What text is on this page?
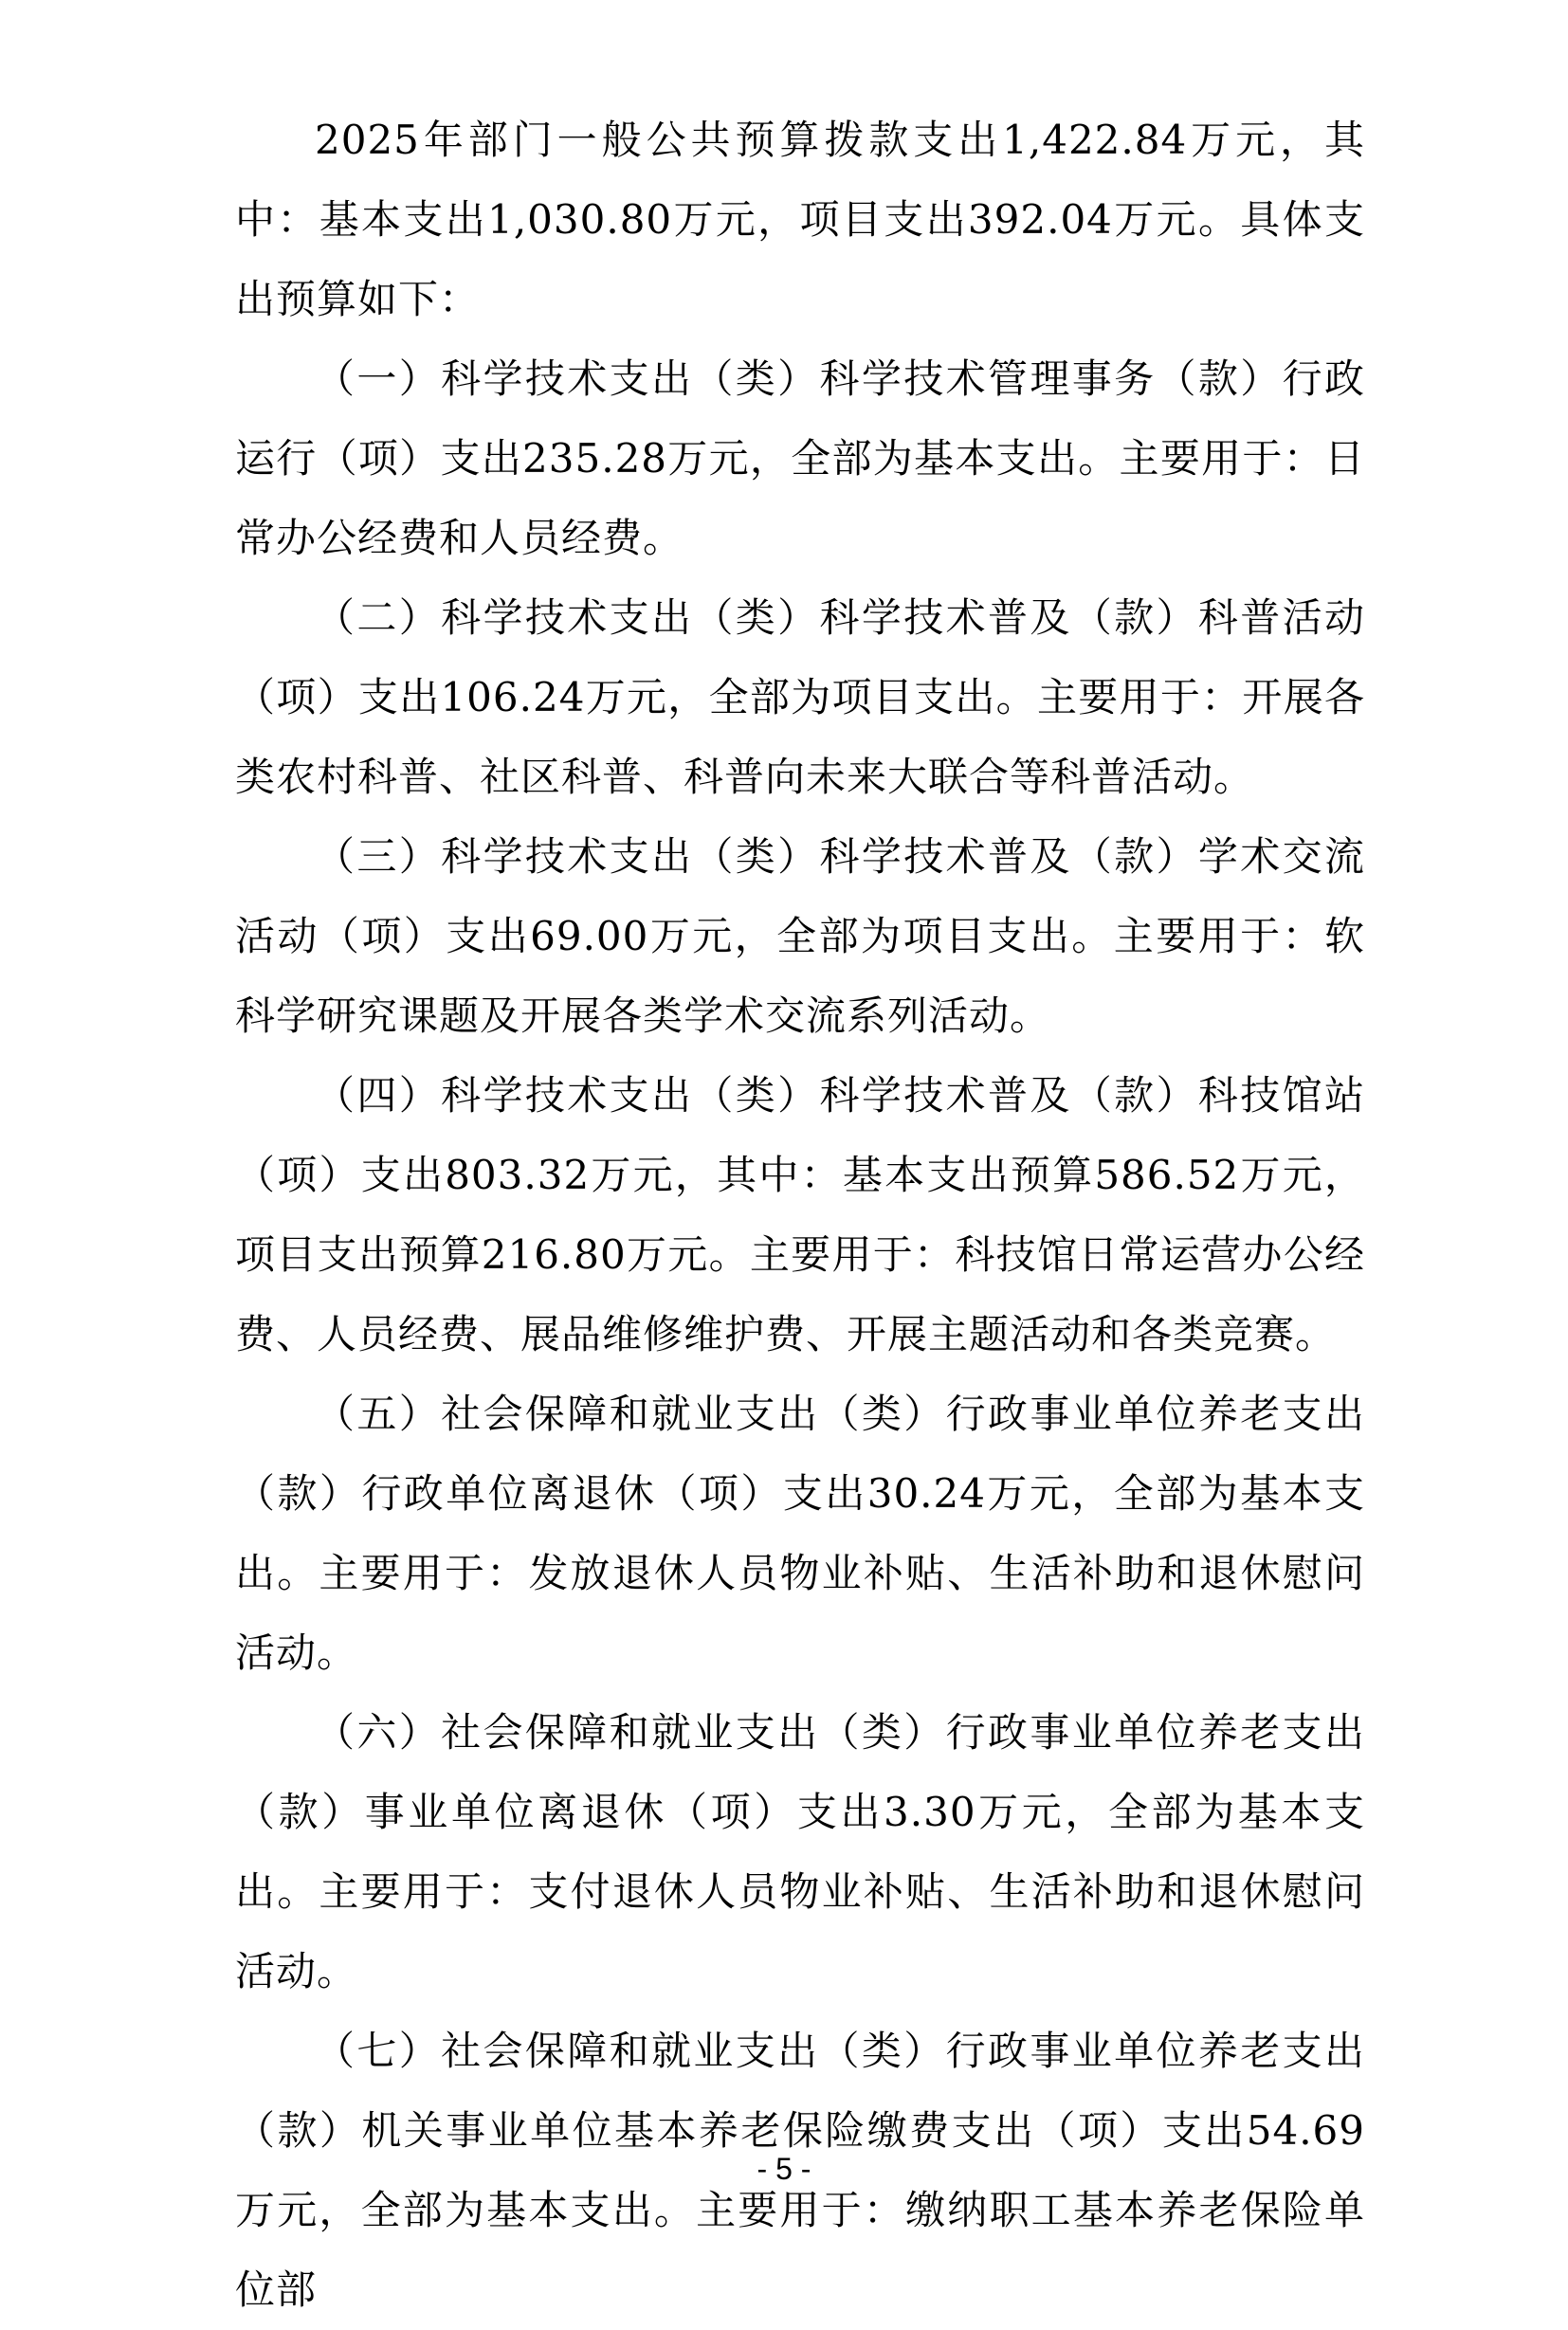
2025年部门一般公共预算拨款支出1,422.84万元，其中：基本支出1,030.80万元，项目支出392.04万元。具体支出预算如下：

（一）科学技术支出（类）科学技术管理事务（款）行政运行（项）支出235.28万元，全部为基本支出。主要用于：日常办公经费和人员经费。

（二）科学技术支出（类）科学技术普及（款）科普活动（项）支出106.24万元，全部为项目支出。主要用于：开展各类农村科普、社区科普、科普向未来大联合等科普活动。

（三）科学技术支出（类）科学技术普及（款）学术交流活动（项）支出69.00万元，全部为项目支出。主要用于：软科学研究课题及开展各类学术交流系列活动。

（四）科学技术支出（类）科学技术普及（款）科技馆站（项）支出803.32万元，其中：基本支出预算586.52万元，项目支出预算216.80万元。主要用于：科技馆日常运营办公经费、人员经费、展品维修维护费、开展主题活动和各类竞赛。

（五）社会保障和就业支出（类）行政事业单位养老支出（款）行政单位离退休（项）支出30.24万元，全部为基本支出。主要用于：发放退休人员物业补贴、生活补助和退休慰问活动。

（六）社会保障和就业支出（类）行政事业单位养老支出（款）事业单位离退休（项）支出3.30万元，全部为基本支出。主要用于：支付退休人员物业补贴、生活补助和退休慰问活动。

（七）社会保障和就业支出（类）行政事业单位养老支出（款）机关事业单位基本养老保险缴费支出（项）支出54.69万元，全部为基本支出。主要用于：缴纳职工基本养老保险单位部

- 5 -
